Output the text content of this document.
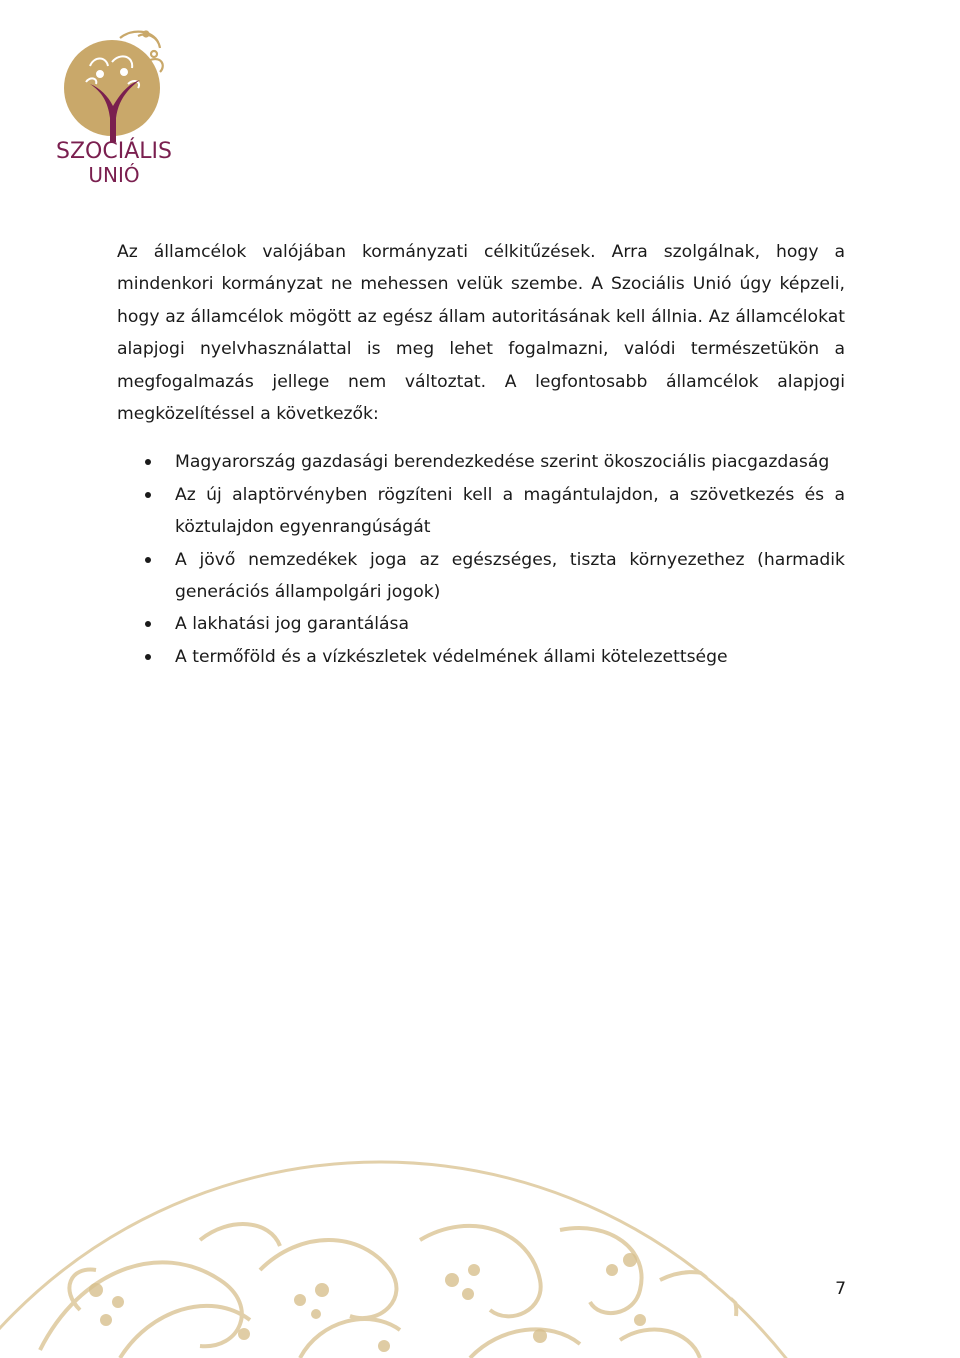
SZOCIÁLIS
UNIÓ

Az államcélok valójában kormányzati célkitűzések. Arra szolgálnak, hogy a mindenkori kormányzat ne mehessen velük szembe. A Szociális Unió úgy képzeli, hogy az államcélok mögött az egész állam autoritásának kell állnia. Az államcélokat alapjogi nyelvhasználattal is meg lehet fogalmazni, valódi természetükön a megfogalmazás jellege nem változtat. A legfontosabb államcélok alapjogi megközelítéssel a következők:

Magyarország gazdasági berendezkedése szerint ökoszociális piacgazdaság
Az új alaptörvényben rögzíteni kell a magántulajdon, a szövetkezés és a köztulajdon egyenrangúságát
A jövő nemzedékek joga az egészséges, tiszta környezethez (harmadik generációs állampolgári jogok)
A lakhatási jog garantálása
A termőföld és a vízkészletek védelmének állami kötelezettsége
7
